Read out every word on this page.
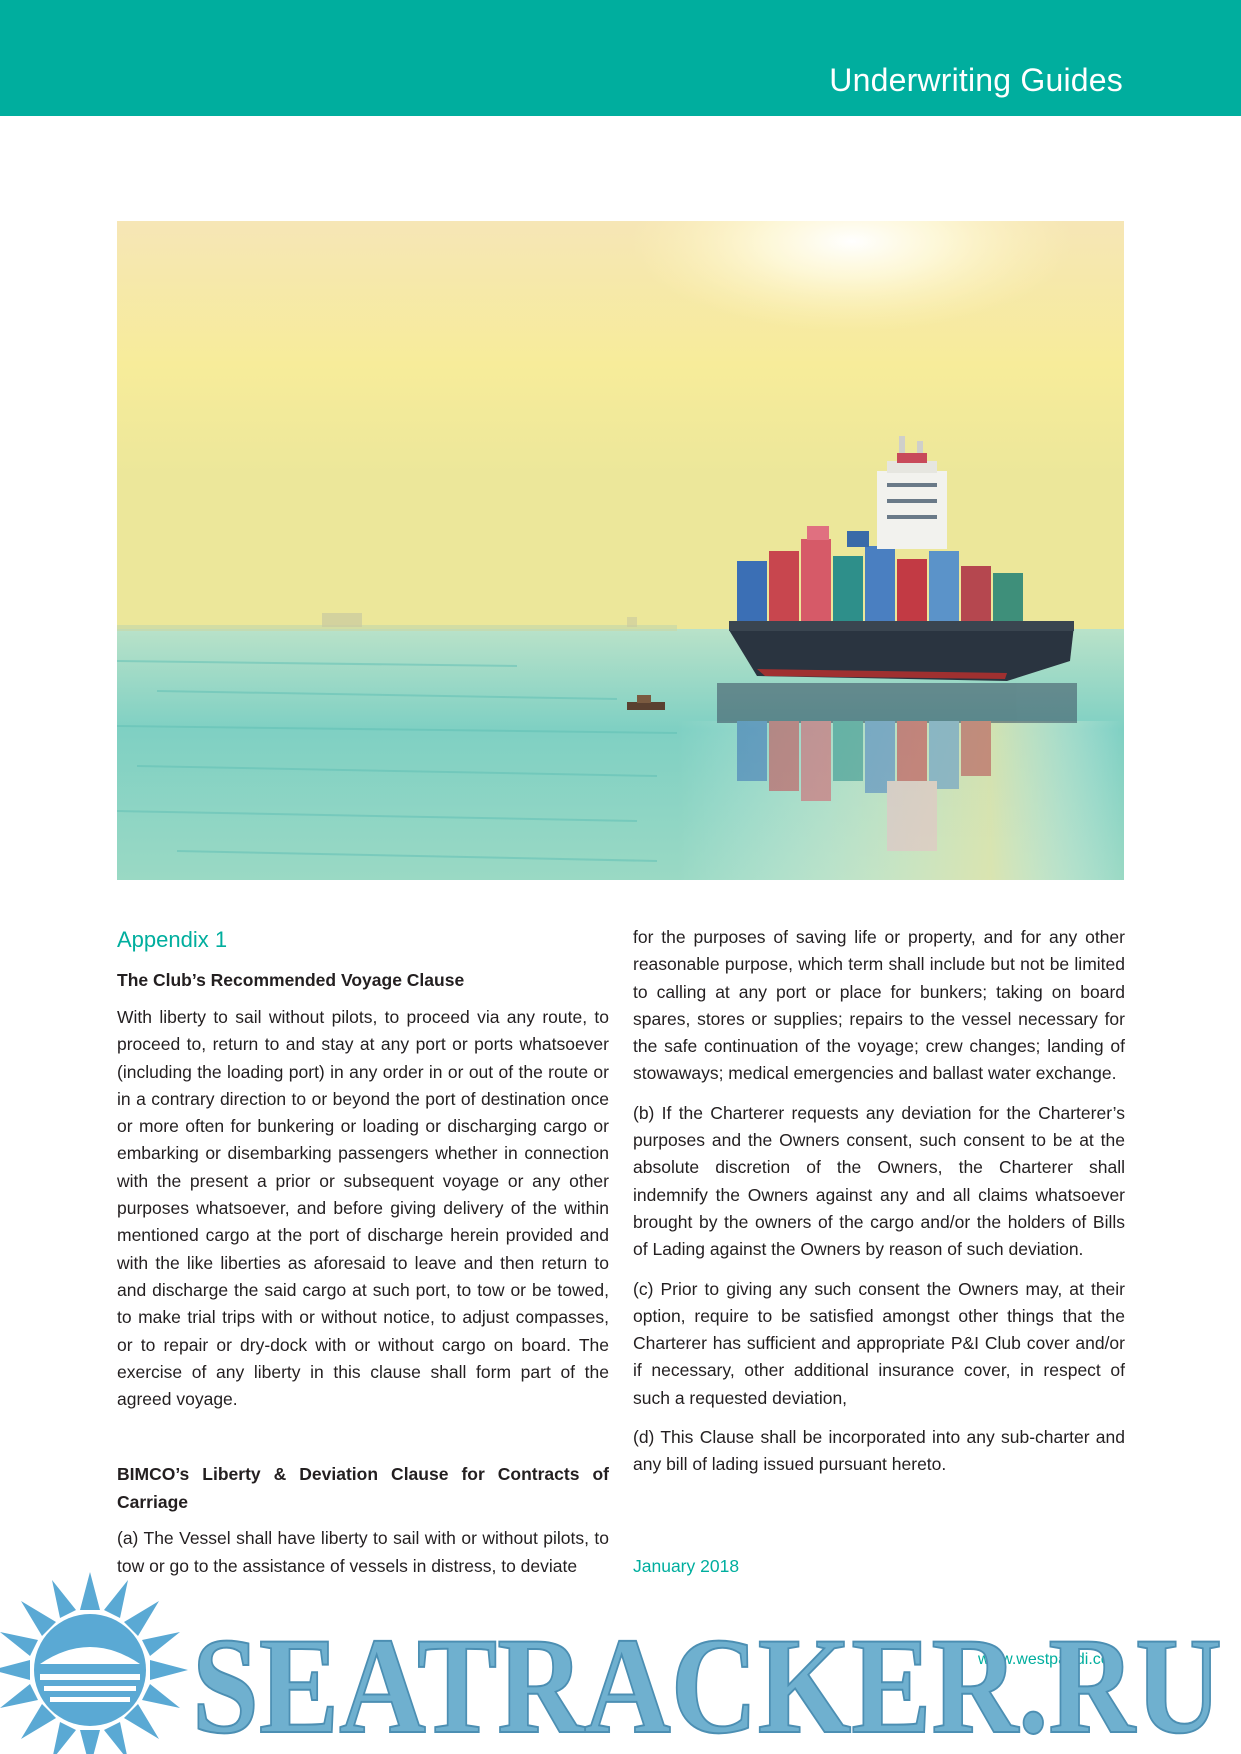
Underwriting Guides
Appendix 1
The Club’s Recommended Voyage Clause

With liberty to sail without pilots, to proceed via any route, to proceed to, return to and stay at any port or ports whatsoever (including the loading port) in any order in or out of the route or in a contrary direction to or beyond the port of destination once or more often for bunkering or loading or discharging cargo or embarking or disembarking passengers whether in connection with the present a prior or subsequent voyage or any other purposes whatsoever, and before giving delivery of the within mentioned cargo at the port of discharge herein provided and with the like liberties as aforesaid to leave and then return to and discharge the said cargo at such port, to tow or be towed, to make trial trips with or without notice, to adjust compasses, or to repair or dry-dock with or without cargo on board. The exercise of any liberty in this clause shall form part of the agreed voyage.

BIMCO’s Liberty & Deviation Clause for Contracts of Carriage

(a) The Vessel shall have liberty to sail with or without pilots, to tow or go to the assistance of vessels in distress, to deviate

for the purposes of saving life or property, and for any other reasonable purpose, which term shall include but not be limited to calling at any port or place for bunkers; taking on board spares, stores or supplies; repairs to the vessel necessary for the safe continuation of the voyage; crew changes; landing of stowaways; medical emergencies and ballast water exchange.

(b) If the Charterer requests any deviation for the Charterer’s purposes and the Owners consent, such consent to be at the absolute discretion of the Owners, the Charterer shall indemnify the Owners against any and all claims whatsoever brought by the owners of the cargo and/or the holders of Bills of Lading against the Owners by reason of such deviation.

(c) Prior to giving any such consent the Owners may, at their option, require to be satisfied amongst other things that the Charterer has sufficient and appropriate P&I Club cover and/or if necessary, other additional insurance cover, in respect of such a requested deviation,

(d) This Clause shall be incorporated into any sub-charter and any bill of lading issued pursuant hereto.

January 2018
www.westpandi.com
SEATRACKER.RU
